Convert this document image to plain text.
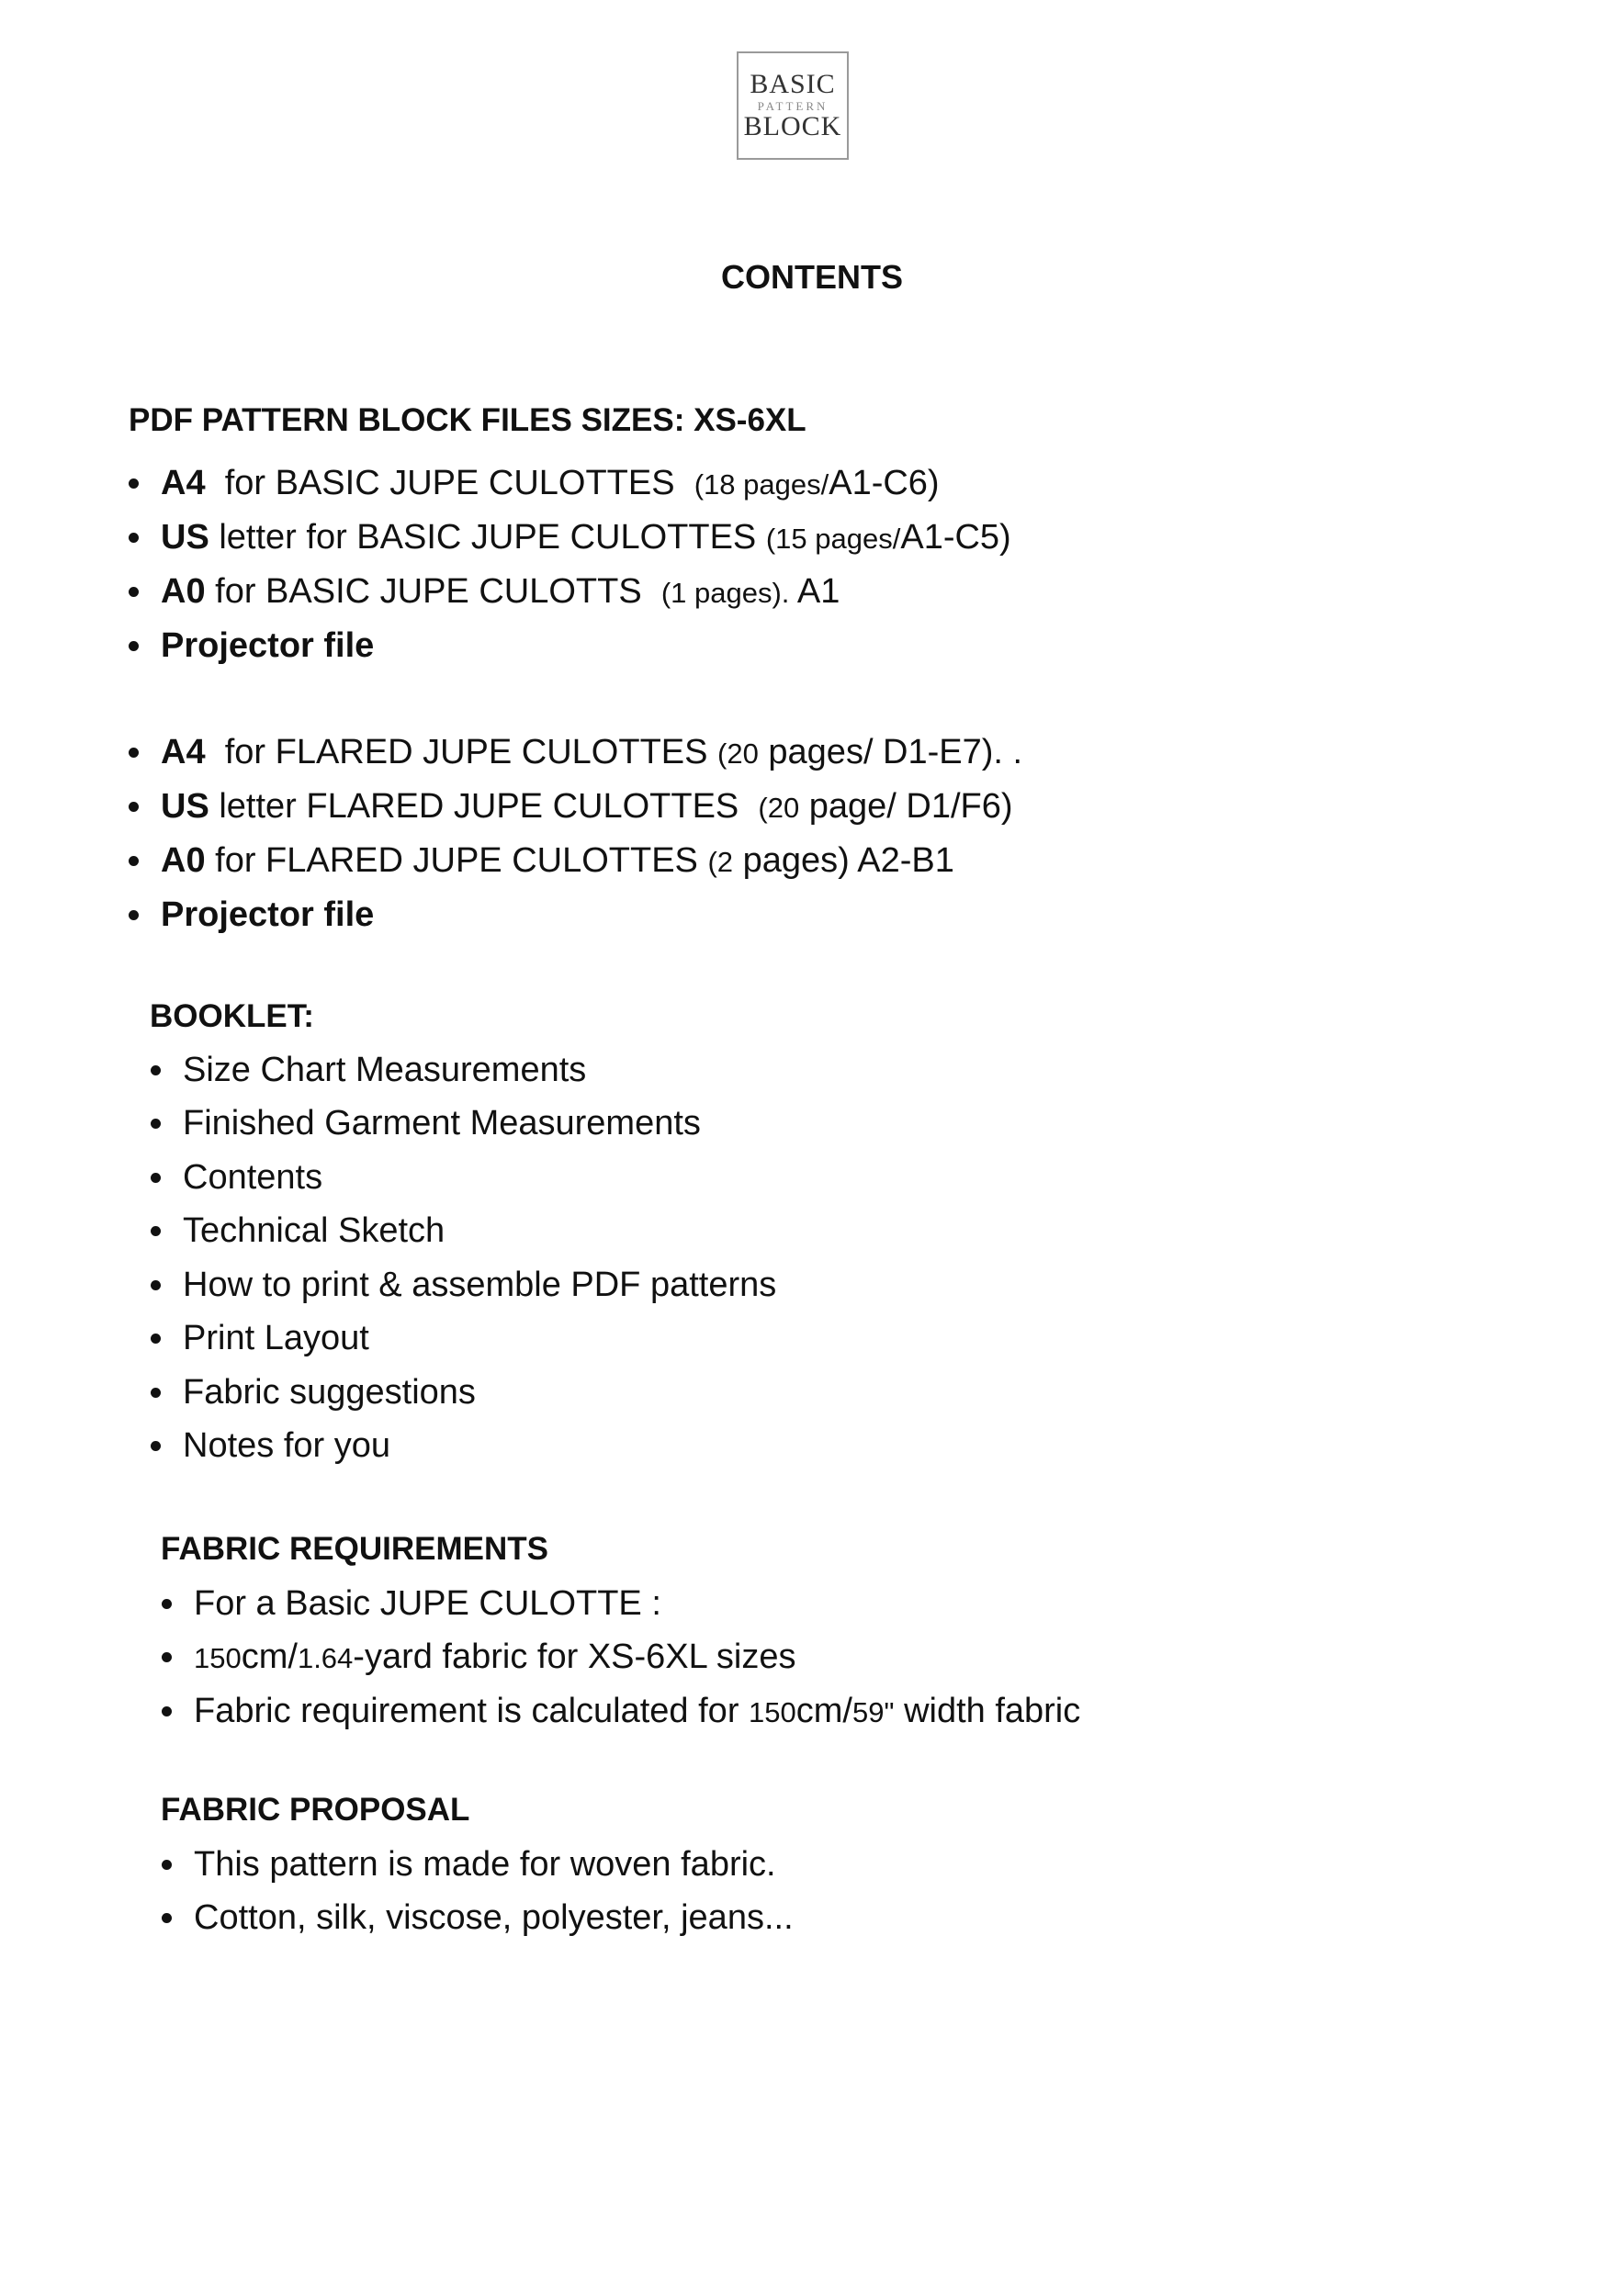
BASIC
PATTERN
BLOCK
CONTENTS
PDF PATTERN BLOCK FILES SIZES: XS-6XL
A4 for BASIC JUPE CULOTTES (18 pages/A1-C6)
US letter for BASIC JUPE CULOTTES (15 pages/A1-C5)
A0 for BASIC JUPE CULOTTS (1 pages). A1
Projector file
A4 for FLARED JUPE CULOTTES (20 pages/ D1-E7). .
US letter FLARED JUPE CULOTTES (20 page/ D1/F6)
A0 for FLARED JUPE CULOTTES (2 pages) A2-B1
Projector file
BOOKLET:
Size Chart Measurements
Finished Garment Measurements
Contents
Technical Sketch
How to print & assemble PDF patterns
Print Layout
Fabric suggestions
Notes for you
FABRIC REQUIREMENTS
For a Basic JUPE CULOTTE :
150cm/1.64-yard fabric for XS-6XL sizes
Fabric requirement is calculated for 150cm/59" width fabric
FABRIC PROPOSAL
This pattern is made for woven fabric.
Cotton, silk, viscose, polyester, jeans...
